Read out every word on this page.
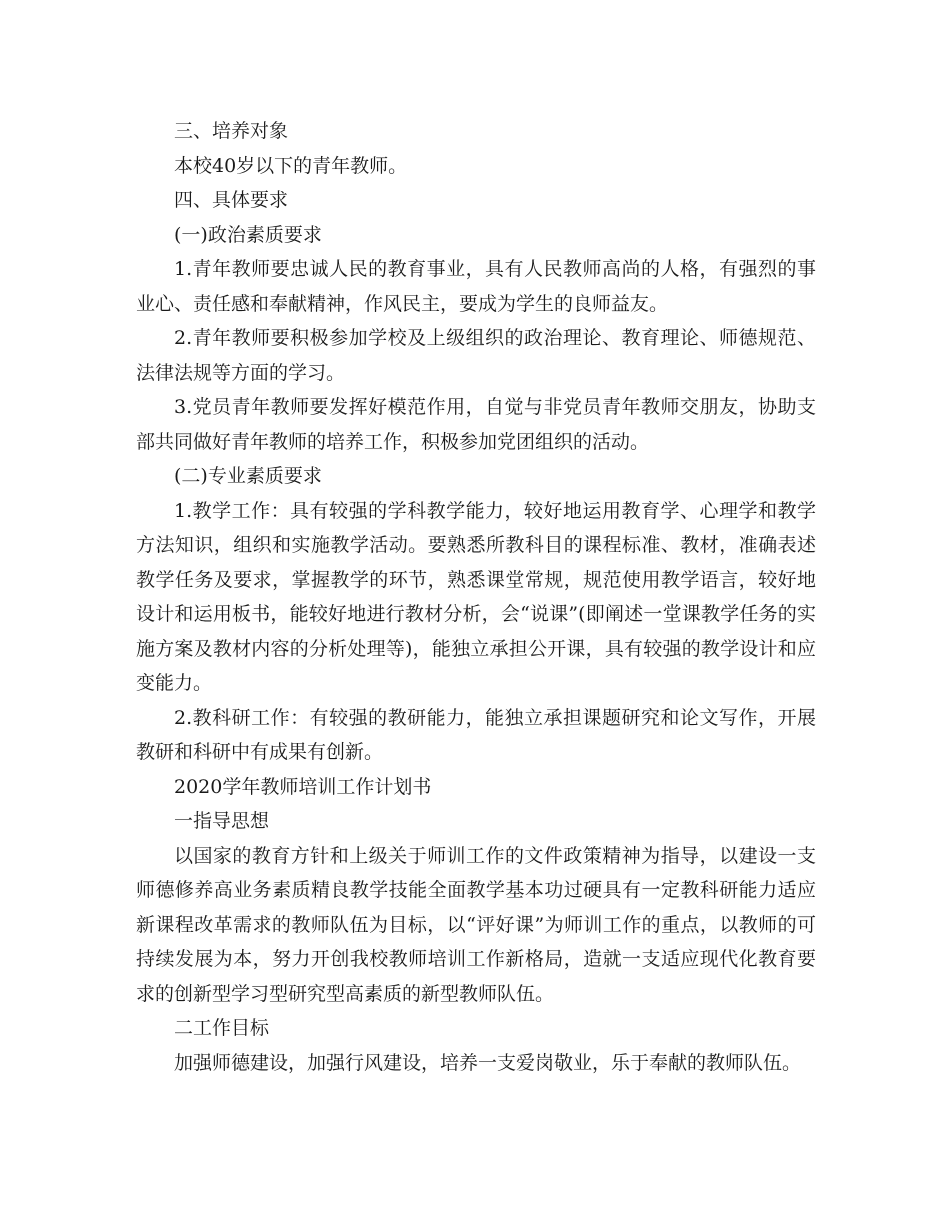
三、培养对象

本校40岁以下的青年教师。

四、具体要求

(一)政治素质要求

1.青年教师要忠诚人民的教育事业，具有人民教师高尚的人格，有强烈的事业心、责任感和奉献精神，作风民主，要成为学生的良师益友。

2.青年教师要积极参加学校及上级组织的政治理论、教育理论、师德规范、法律法规等方面的学习。

3.党员青年教师要发挥好模范作用，自觉与非党员青年教师交朋友，协助支部共同做好青年教师的培养工作，积极参加党团组织的活动。

(二)专业素质要求

1.教学工作：具有较强的学科教学能力，较好地运用教育学、心理学和教学方法知识，组织和实施教学活动。要熟悉所教科目的课程标准、教材，准确表述教学任务及要求，掌握教学的环节，熟悉课堂常规，规范使用教学语言，较好地设计和运用板书，能较好地进行教材分析，会“说课”(即阐述一堂课教学任务的实施方案及教材内容的分析处理等)，能独立承担公开课，具有较强的教学设计和应变能力。

2.教科研工作：有较强的教研能力，能独立承担课题研究和论文写作，开展教研和科研中有成果有创新。

2020学年教师培训工作计划书

一指导思想

以国家的教育方针和上级关于师训工作的文件政策精神为指导，以建设一支师德修养高业务素质精良教学技能全面教学基本功过硬具有一定教科研能力适应新课程改革需求的教师队伍为目标，以“评好课”为师训工作的重点，以教师的可持续发展为本，努力开创我校教师培训工作新格局，造就一支适应现代化教育要求的创新型学习型研究型高素质的新型教师队伍。

二工作目标

加强师德建设，加强行风建设，培养一支爱岗敬业，乐于奉献的教师队伍。
